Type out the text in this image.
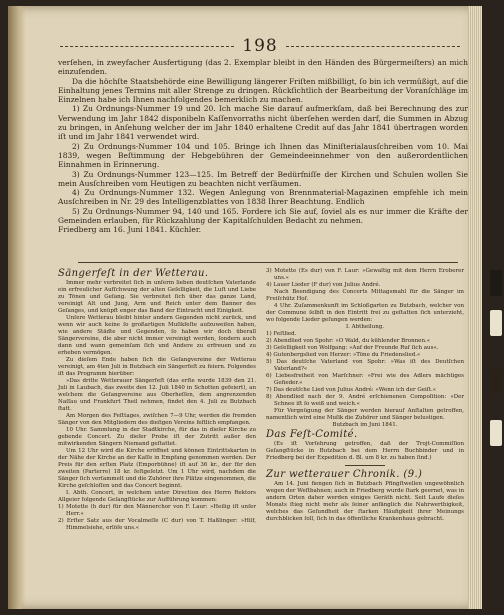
198

verſehen, in zweyfacher Ausfertigung (das 2. Exemplar bleibt in den Händen des Bürgermeiſters) an mich einzuſenden.

Da die höchſte Staatsbehörde eine Bewilligung längerer Friſten mißbilligt, ſo bin ich vermüßigt, auf die Einhaltung jenes Termins mit aller Strenge zu dringen. Rückſichtlich der Bearbeitung der Voranſchläge im Einzelnen habe ich Ihnen nachfolgendes bemerklich zu machen.

1) Zu Ordnungs-Nummer 19 und 20. Ich mache Sie darauf aufmerkſam, daß bei Berechnung des zur Verwendung im Jahr 1842 disponibeln Kaſſenvorraths nicht überſehen werden darf, die Summen in Abzug zu bringen, in Anſehung welcher der im Jahr 1840 erhaltene Credit auf das Jahr 1841 übertragen worden iſt und im Jahr 1841 verwendet wird.

2) Zu Ordnungs-Nummer 104 und 105. Bringe ich Ihnen das Miniſterialausſchreiben vom 10. Mai 1839, wegen Beſtimmung der Hebgebühren der Gemeindeeinnehmer von den außerordentlichen Einnahmen in Erinnerung.

3) Zu Ordnungs-Nummer 123—125. Im Betreff der Bedürfniſſe der Kirchen und Schulen wollen Sie mein Ausſchreiben vom Heutigen zu beachten nicht verſäumen.

4) Zu Ordnungs-Nummer 132. Wegen Anlegung von Brennmaterial-Magazinen empfehle ich mein Ausſchreiben in Nr. 29 des Intelligenzblattes von 1838 Ihrer Beachtung. Endlich

5) Zu Ordnungs-Nummer 94, 140 und 165. Fordere ich Sie auf, ſoviel als es nur immer die Kräfte der Gemeinden erlauben, für Rückzahlung der Kapitalſchulden Bedacht zu nehmen.

Friedberg am 16. Juni 1841. Küchler.

Sängerfeſt in der Wetterau.

Immer mehr verbreitet ſich in unſerm lieben deutſchen Vaterlande ein erfreulicher Aufſchwung der alten Geſelligkeit, die Luſt und Liebe zu Tönen und Geſang. Sie verbreitet ſich über das ganze Land, vereinigt Alt und Jung, Arm und Reich unter dem Banner des Geſanges, und knüpft enger das Band der Eintracht und Einigkeit.

Unſere Wetterau bleibt hinter andern Gegenden nicht zurück, und wenn wir auch keine ſo großartigen Muſikfeſte aufzuweiſen haben, wie andere Städte und Gegenden, ſo haben wir doch überall Sängervereine, die aber nicht immer vereinigt werden, ſondern auch dann und wann gemeinſam ſich und Andere zu erfreuen und zu erheben vermögen.

Zu dieſem Ende haben ſich die Geſangvereine der Wetterau vereinigt, am 4ten Juli in Butzbach ein Sängerfeſt zu feiern. Folgendes iſt das Programm hierüber:

»Das dritte Wetterauer Sängerfeſt (das erſte wurde 1839 den 21. Juli in Laubach, das zweite den 12. Juli 1840 in Schotten gefeiert), an welchem die Geſangvereine aus Oberheſſen, dem angrenzenden Naſſau und Frankfurt Theil nehmen, findet den 4. Juli zu Butzbach ſtatt.

Am Morgen des Feſttages, zwiſchen 7—9 Uhr, werden die fremden Sänger von den Mitgliedern des dieſigen Vereins feſtlich empfangen.

10 Uhr. Sammlung in der Stadtkirche, für das in dieſer Kirche zu gebende Concert. Zu dieſer Probe iſt der Zutritt außer den mitwirkenden Sängern Niemand geſtattet.

Um 12 Uhr wird die Kirche eröffnet und können Eintrittskarten in der Nähe der Kirche an der Kaſſe in Empfang genommen werden. Der Preis für den erſten Platz (Emporbühne) iſt auf 36 kr., der für den zweiten (Parterre) 18 kr. feſtgeſetzt. Um 1 Uhr wird, nachdem die Sänger ſich verſammelt und die Zuhörer ihre Plätze eingenommen, die Kirche geſchloſſen und das Concert beginnt.

I. Abth. Concert, in welchem unter Direction des Herrn Rektors Allgeier folgende Geſangſtücke zur Aufführung kommen:

1) Motette (h dur) für den Männerchor von F. Laur: »Heilig iſt unſer Herr.«

2) Erſter Satz aus der Vocalmeſſe (C dur) von T. Haßlinger: »Hilf, Himmelsiehe, erlöſe uns.«

3) Motette (Es dur) von F. Laur: »Gewaltig mit dem Herrn Eroberer uns.«

4) Lauer Lieder (F dur) von Julius André.

Nach Beendigung des Concerts Mittagsmahl für die Sänger im Freiſchütz Hof.

4 Uhr. Zuſammenkunft im Schloßgarten zu Butzbach, welcher von der Commune ſelbſt in den Eintritt frei zu geſtatten ſich unterzieht, wo folgende Lieder geſungen werden:

I. Abtheilung.

1) Feſtlied.

2) Abendlied von Spohr: »O Wald, du kühlender Bronnen.«

3) Geſelligkeit von Wolfgang: »Auf der Freunde Ruf ſich aus«.

4) Gutenbergslied von Herzer: »Töne du Friedenslied.«

5) Das deutſche Vaterland von Spohr: »Was iſt des Deutſchen Vaterland?«

6) Liebesfreiheit von Marſchner: »Frei wie des Adlers mächtiges Gefieder.«

7) Das deutſche Lied von Julius André: »Wenn ich der Geiſt.«

8) Abendlied nach der 9. André erſchienenen Compoſition: »Der Schnee iſt ſo weiß und weich.«

Für Vergnügung der Sänger werden hierauf Anſtalten getroffen, namentlich wird eine Muſik die Zuhörer und Sänger belustigen.

Butzbach im Juni 1841.

Das Feſt-Comité.

(Es iſt Vorſehrung getroffen, daß der Trojt-Commiſſion Geſangſtücke in Butzbach bei dem Herrn Buchbinder und in Friedberg bei der Expedition d. Bl. um 8 kr. zu haben ſind.)

Zur wetterauer Chronik. (9.)

Am 14. Juni fiengen ſich in Butzbach Pfingſtwellen ungewöhnlich wegen der Weſtbahnen; auch in Friedberg wurde ſtark geernet, was in andern Orten daher werden einiges Geräth nicht. Seit Laufe dieſes Monats ſtieg nicht mehr als ſeiner anfänglich die Nahrwerthigkeit, welches das Geſundheit der ſtarken Häufigkeit ihrer Meinungs durchblicken ſoll, ſich in das öffentliche Krankenhaus gebracht.
